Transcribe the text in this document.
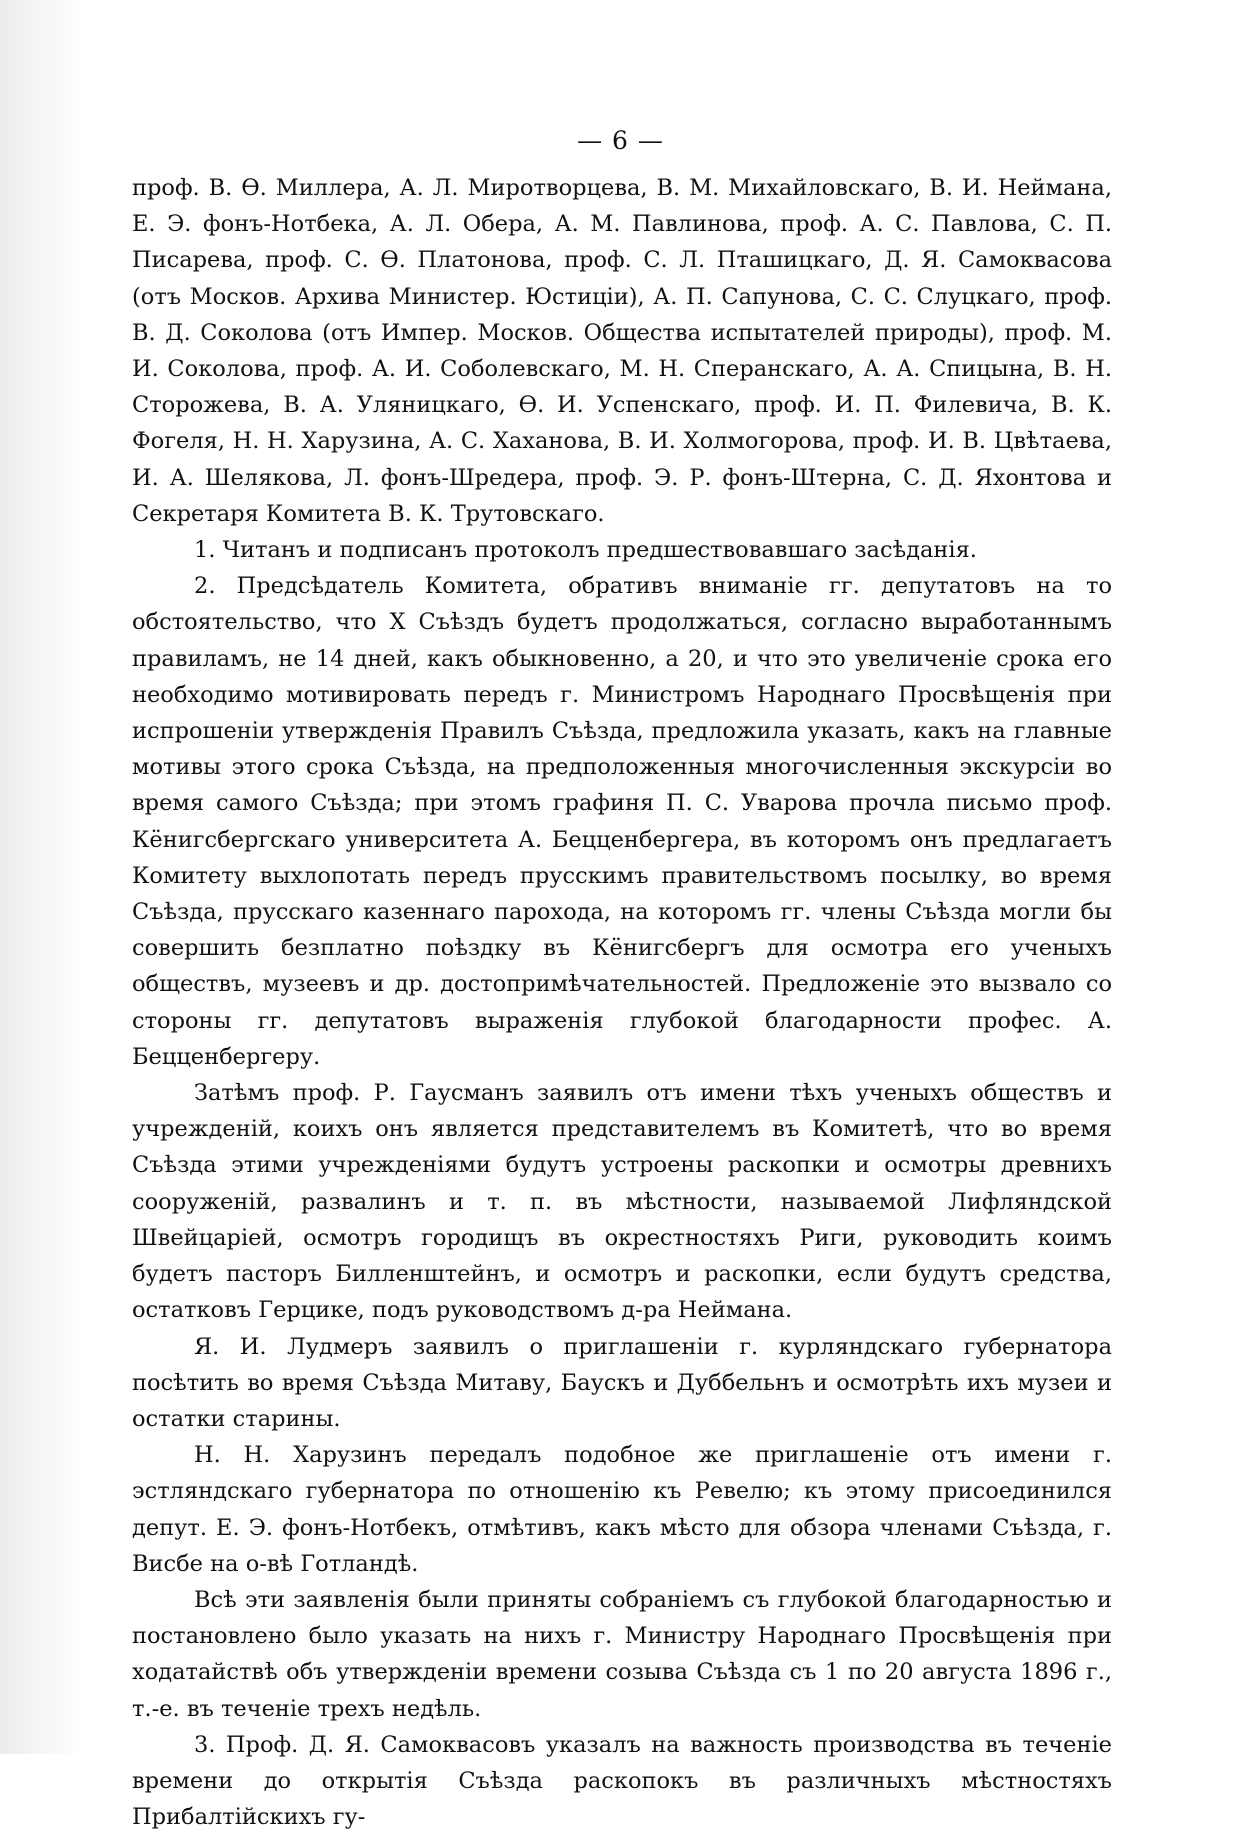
— 6 —

проф. В. Ѳ. Миллера, А. Л. Миротворцева, В. М. Михайловскаго, В. И. Неймана, Е. Э. фонъ-Нотбека, А. Л. Обера, А. М. Павлинова, проф. А. С. Павлова, С. П. Писарева, проф. С. Ѳ. Платонова, проф. С. Л. Пташицкаго, Д. Я. Самоквасова (отъ Москов. Архива Министер. Юстиціи), А. П. Сапунова, С. С. Слуцкаго, проф. В. Д. Соколова (отъ Импер. Москов. Общества испытателей природы), проф. М. И. Соколова, проф. А. И. Соболевскаго, М. Н. Сперанскаго, А. А. Спицына, В. Н. Сторожева, В. А. Уляницкаго, Ѳ. И. Успенскаго, проф. И. П. Филевича, В. К. Фогеля, Н. Н. Харузина, А. С. Хаханова, В. И. Холмогорова, проф. И. В. Цвѣтаева, И. А. Шелякова, Л. фонъ-Шредера, проф. Э. Р. фонъ-Штерна, С. Д. Яхонтова и Секретаря Комитета В. К. Трутовскаго.

1. Читанъ и подписанъ протоколъ предшествовавшаго засѣданія.

2. Предсѣдатель Комитета, обративъ вниманіе гг. депутатовъ на то обстоятельство, что X Съѣздъ будетъ продолжаться, согласно выработаннымъ правиламъ, не 14 дней, какъ обыкновенно, а 20, и что это увеличеніе срока его необходимо мотивировать передъ г. Министромъ Народнаго Просвѣщенія при испрошеніи утвержденія Правилъ Съѣзда, предложила указать, какъ на главные мотивы этого срока Съѣзда, на предположенныя многочисленныя экскурсіи во время самого Съѣзда; при этомъ графиня П. С. Уварова прочла письмо проф. Кёнигсбергскаго университета А. Бецценбергера, въ которомъ онъ предлагаетъ Комитету выхлопотать передъ прусскимъ правительствомъ посылку, во время Съѣзда, прусскаго казеннаго парохода, на которомъ гг. члены Съѣзда могли бы совершить безплатно поѣздку въ Кёнигсбергъ для осмотра его ученыхъ обществъ, музеевъ и др. достопримѣчательностей. Предложеніе это вызвало со стороны гг. депутатовъ выраженія глубокой благодарности профес. А. Бецценбергеру.

Затѣмъ проф. Р. Гаусманъ заявилъ отъ имени тѣхъ ученыхъ обществъ и учрежденій, коихъ онъ является представителемъ въ Комитетѣ, что во время Съѣзда этими учрежденіями будутъ устроены раскопки и осмотры древнихъ сооруженій, развалинъ и т. п. въ мѣстности, называемой Лифляндской Швейцаріей, осмотръ городищъ въ окрестностяхъ Риги, руководить коимъ будетъ пасторъ Билленштейнъ, и осмотръ и раскопки, если будутъ средства, остатковъ Герцике, подъ руководствомъ д-ра Неймана.

Я. И. Лудмеръ заявилъ о приглашеніи г. курляндскаго губернатора посѣтить во время Съѣзда Митаву, Баускъ и Дуббельнъ и осмотрѣть ихъ музеи и остатки старины.

Н. Н. Харузинъ передалъ подобное же приглашеніе отъ имени г. эстляндскаго губернатора по отношенію къ Ревелю; къ этому присоединился депут. Е. Э. фонъ-Нотбекъ, отмѣтивъ, какъ мѣсто для обзора членами Съѣзда, г. Висбе на о-вѣ Готландѣ.

Всѣ эти заявленія были приняты собраніемъ съ глубокой благодарностью и постановлено было указать на нихъ г. Министру Народнаго Просвѣщенія при ходатайствѣ объ утвержденіи времени созыва Съѣзда съ 1 по 20 августа 1896 г., т.-е. въ теченіе трехъ недѣль.

3. Проф. Д. Я. Самоквасовъ указалъ на важность производства въ теченіе времени до открытія Съѣзда раскопокъ въ различныхъ мѣстностяхъ Прибалтійскихъ гу-
